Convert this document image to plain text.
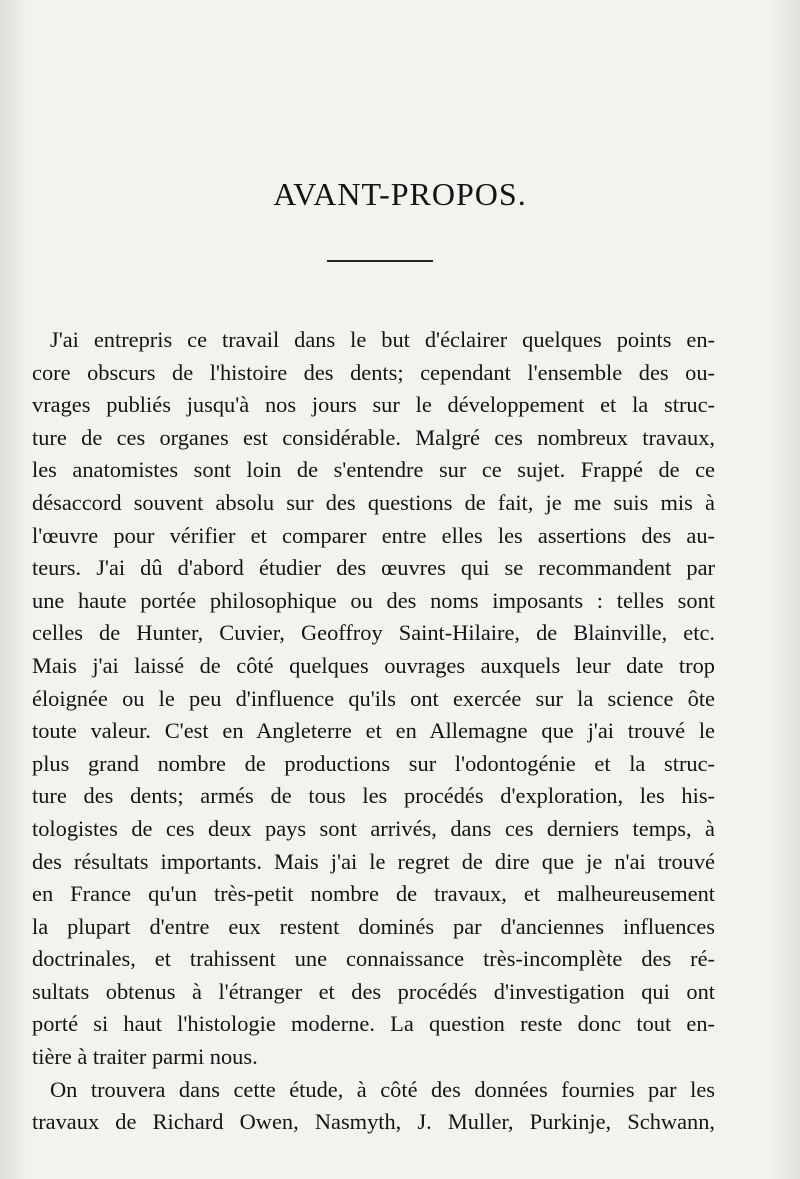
AVANT-PROPOS.
J'ai entrepris ce travail dans le but d'éclairer quelques points en-
core obscurs de l'histoire des dents; cependant l'ensemble des ou-
vrages publiés jusqu'à nos jours sur le développement et la struc-
ture de ces organes est considérable. Malgré ces nombreux travaux,
les anatomistes sont loin de s'entendre sur ce sujet. Frappé de ce
désaccord souvent absolu sur des questions de fait, je me suis mis à
l'œuvre pour vérifier et comparer entre elles les assertions des au-
teurs. J'ai dû d'abord étudier des œuvres qui se recommandent par
une haute portée philosophique ou des noms imposants : telles sont
celles de Hunter, Cuvier, Geoffroy Saint-Hilaire, de Blainville, etc.
Mais j'ai laissé de côté quelques ouvrages auxquels leur date trop
éloignée ou le peu d'influence qu'ils ont exercée sur la science ôte
toute valeur. C'est en Angleterre et en Allemagne que j'ai trouvé le
plus grand nombre de productions sur l'odontogénie et la struc-
ture des dents; armés de tous les procédés d'exploration, les his-
tologistes de ces deux pays sont arrivés, dans ces derniers temps, à
des résultats importants. Mais j'ai le regret de dire que je n'ai trouvé
en France qu'un très-petit nombre de travaux, et malheureusement
la plupart d'entre eux restent dominés par d'anciennes influences
doctrinales, et trahissent une connaissance très-incomplète des ré-
sultats obtenus à l'étranger et des procédés d'investigation qui ont
porté si haut l'histologie moderne. La question reste donc tout en-
tière à traiter parmi nous.
On trouvera dans cette étude, à côté des données fournies par les
travaux de Richard Owen, Nasmyth, J. Muller, Purkinje, Schwann,
